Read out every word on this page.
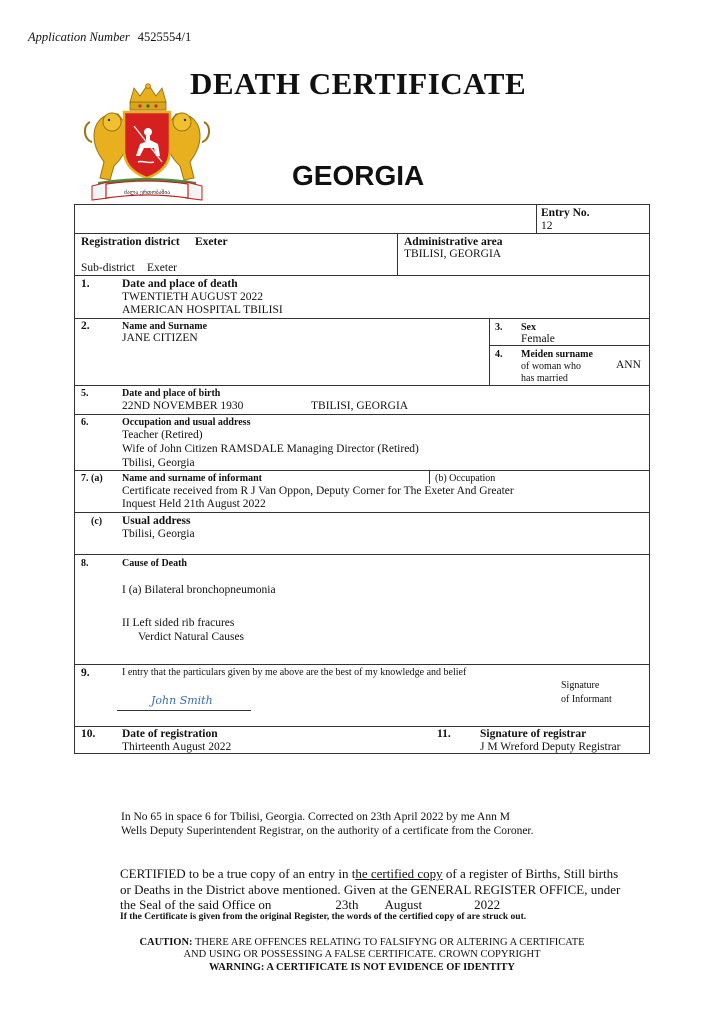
Application Number 4525554/1
DEATH CERTIFICATE
ძალა ერთობაშია
GEORGIA
Entry No.
12
Registration district Exeter
Sub-district Exeter
Administrative area
TBILISI, GEORGIA
1.	Date and place of death
TWENTIETH AUGUST 2022
AMERICAN HOSPITAL TBILISI
2.	Name and Surname
JANE CITIZEN
3. Sex
Female
4. Meiden surname
of woman who
has married
ANN
5.	Date and place of birth
22ND NOVEMBER 1930	TBILISI, GEORGIA
6.	Occupation and usual address
Teacher (Retired)
Wife of John Citizen RAMSDALE Managing Director (Retired)
Tbilisi, Georgia
7. (a) Name and surname of informant	(b) Occupation
Certificate received from R J Van Oppon, Deputy Corner for The Exeter And Greater
Inquest Held 21th August 2022
(c) Usual address
Tbilisi, Georgia
8.	Cause of Death
I (a) Bilateral bronchopneumonia
II Left sided rib fracures
Verdict Natural Causes
9.	I entry that the particulars given by me above are the best of my knowledge and belief
John Smith
Signature
of Informant
10. Date of registration
Thirteenth August 2022
11.	Signature of registrar
J M Wreford Deputy Registrar
In No 65 in space 6 for Tbilisi, Georgia. Corrected on 23th April 2022 by me Ann M
Wells Deputy Superintendent Registrar, on the authority of a certificate from the Coroner.
CERTIFIED to be a true copy of an entry in the certified copy of a register of Births, Still births
or Deaths in the District above mentioned. Given at the GENERAL REGISTER OFFICE, under
the Seal of the said Office on	23th August	2022
If the Certificate is given from the original Register, the words of the certified copy of are struck out.
CAUTION: THERE ARE OFFENCES RELATING TO FALSIFYNG OR ALTERING A CERTIFICATE
AND USING OR POSSESSING A FALSE CERTIFICATE. CROWN COPYRIGHT
WARNING: A CERTIFICATE IS NOT EVIDENCE OF IDENTITY
